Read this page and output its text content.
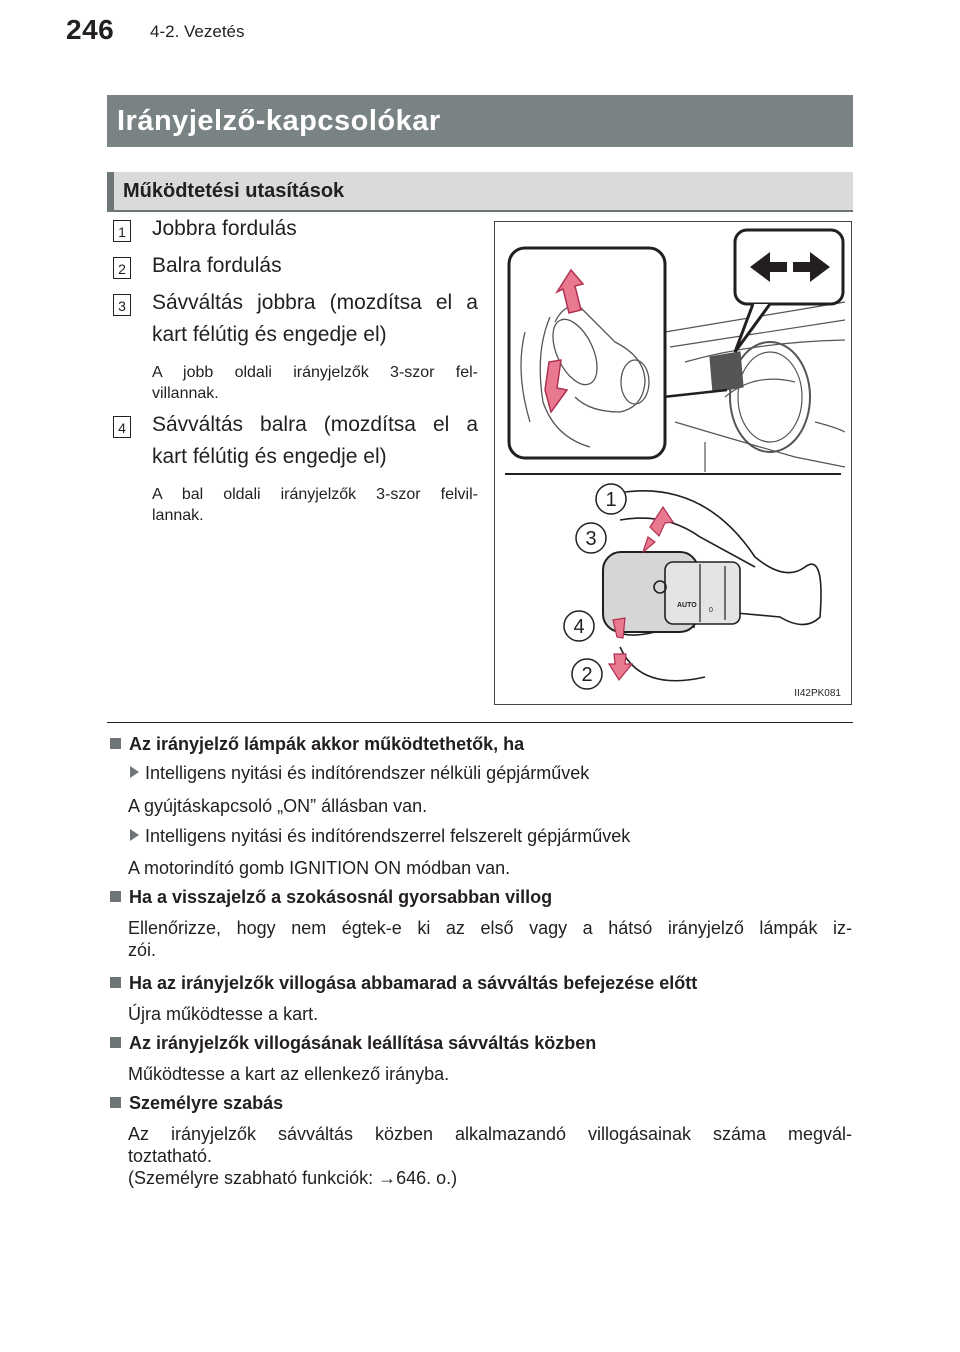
246 4-2. Vezetés
Irányjelző-kapcsolókar
Működtetési utasítások
1 Jobbra fordulás
2 Balra fordulás
3 Sávváltás jobbra (mozdítsa el a
kart félútig és engedje el)
A jobb oldali irányjelzők 3-szor fel-
villannak.
4 Sávváltás balra (mozdítsa el a
kart félútig és engedje el)
A bal oldali irányjelzők 3-szor felvil-
lannak.
AUTO
0
1
3
4
2
II42PK081
Az irányjelző lámpák akkor működtethetők, ha
Intelligens nyitási és indítórendszer nélküli gépjárművek
A gyújtáskapcsoló „ON” állásban van.
Intelligens nyitási és indítórendszerrel felszerelt gépjárművek
A motorindító gomb IGNITION ON módban van.
Ha a visszajelző a szokásosnál gyorsabban villog
Ellenőrizze, hogy nem égtek-e ki az első vagy a hátsó irányjelző lámpák iz-
zói.
Ha az irányjelzők villogása abbamarad a sávváltás befejezése előtt
Újra működtesse a kart.
Az irányjelzők villogásának leállítása sávváltás közben
Működtesse a kart az ellenkező irányba.
Személyre szabás
Az irányjelzők sávváltás közben alkalmazandó villogásainak száma megvál-
toztatható.
(Személyre szabható funkciók: →646. o.)
